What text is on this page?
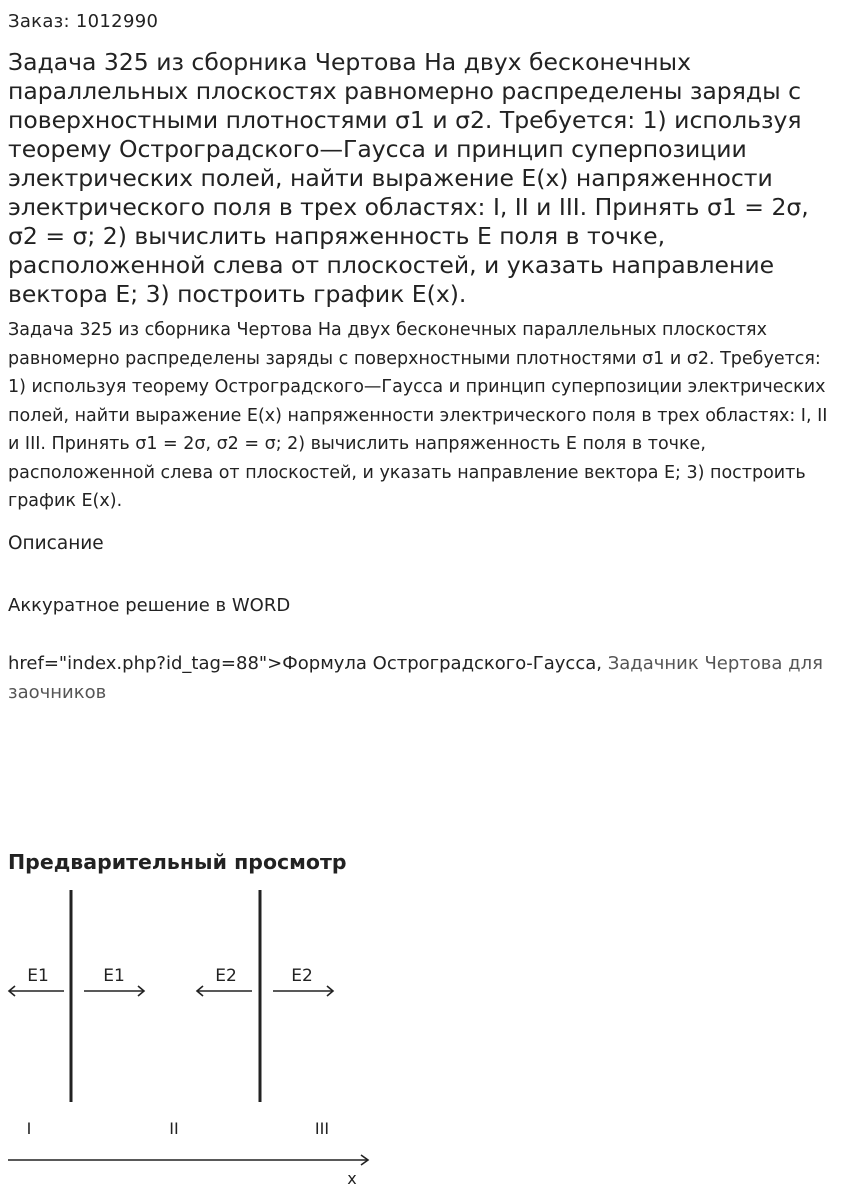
Заказ: 1012990
Задача 325 из сборника Чертова На двух бесконечных параллельных плоскостях равномерно распределены заряды с поверхностными плотностями σ1 и σ2. Требуется: 1) используя теорему Остроградского—Гаусса и принцип суперпозиции электрических полей, найти выражение E(x) напряженности электрического поля в трех областях: I, II и III. Принять σ1 = 2σ, σ2 = σ; 2) вычислить напряженность E поля в точке, расположенной слева от плоскостей, и указать направление вектора E; 3) построить график E(x).

Задача 325 из сборника Чертова На двух бесконечных параллельных плоскостях равномерно распределены заряды с поверхностными плотностями σ1 и σ2. Требуется: 1) используя теорему Остроградского—Гаусса и принцип суперпозиции электрических полей, найти выражение E(x) напряженности электрического поля в трех областях: I, II и III. Принять σ1 = 2σ, σ2 = σ; 2) вычислить напряженность E поля в точке, расположенной слева от плоскостей, и указать направление вектора E; 3) построить график E(x).

Описание
Аккуратное решение в WORD

href="index.php?id_tag=88">Формула Остроградского-Гаусса, Задачник Чертова для заочников

Предварительный просмотр
E1	E1	E2	E2
I	II	III
x
